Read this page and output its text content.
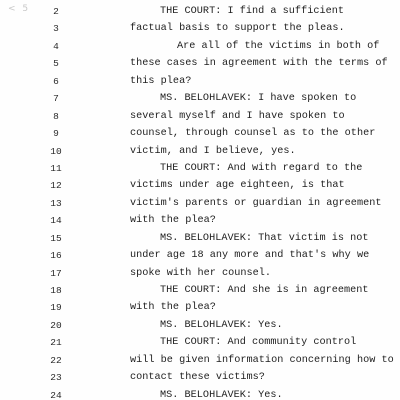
< 5	2	THE COURT: I find a sufficient
3	factual basis to support the pleas.
4	Are all of the victims in both of
5	these cases in agreement with the terms of
6	this plea?
7	MS. BELOHLAVEK: I have spoken to
8	several myself and I have spoken to
9	counsel, through counsel as to the other
10	victim, and I believe, yes.
11	THE COURT: And with regard to the
12	victims under age eighteen, is that
13	victim's parents or guardian in agreement
14	with the plea?
15	MS. BELOHLAVEK: That victim is not
16	under age 18 any more and that's why we
17	spoke with her counsel.
18	THE COURT: And she is in agreement
19	with the plea?
20	MS. BELOHLAVEK: Yes.
21	THE COURT: And community control
22	will be given information concerning how to
23	contact these victims?
24	MS. BELOHLAVEK: Yes.
